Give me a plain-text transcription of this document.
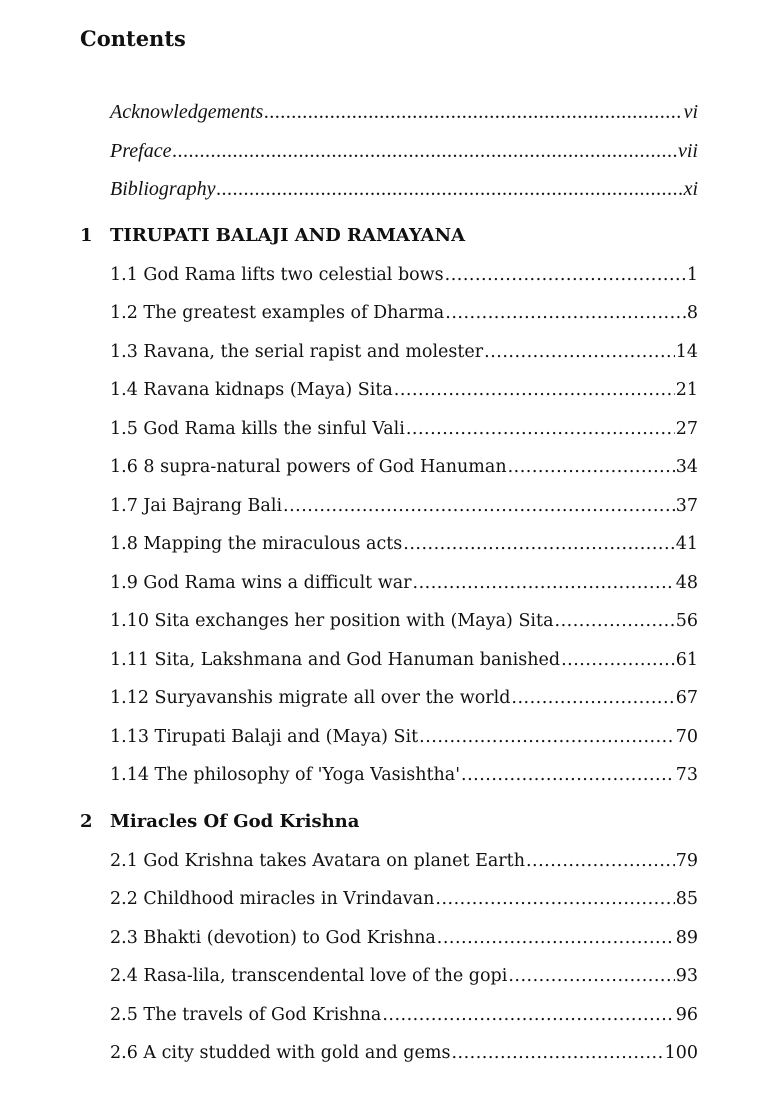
Contents
Acknowledgements .....	vi
Preface .....	vii
Bibliography .....	xi
1 TIRUPATI BALAJI AND RAMAYANA
1.1 God Rama lifts two celestial bows .....	1
1.2 The greatest examples of Dharma .....	8
1.3 Ravana, the serial rapist and molester .....	14
1.4 Ravana kidnaps (Maya) Sita .....	21
1.5 God Rama kills the sinful Vali .....	27
1.6 8 supra-natural powers of God Hanuman .....	34
1.7 Jai Bajrang Bali .....	37
1.8 Mapping the miraculous acts .....	41
1.9 God Rama wins a difficult war .....	48
1.10 Sita exchanges her position with (Maya) Sita .....	56
1.11 Sita, Lakshmana and God Hanuman banished .....	61
1.12 Suryavanshis migrate all over the world .....	67
1.13 Tirupati Balaji and (Maya) Sit .....	70
1.14 The philosophy of 'Yoga Vasishtha' .....	73
2 Miracles Of God Krishna
2.1 God Krishna takes Avatara on planet Earth .....	79
2.2 Childhood miracles in Vrindavan .....	85
2.3 Bhakti (devotion) to God Krishna .....	89
2.4 Rasa-lila, transcendental love of the gopi .....	93
2.5 The travels of God Krishna .....	96
2.6 A city studded with gold and gems .....	100
